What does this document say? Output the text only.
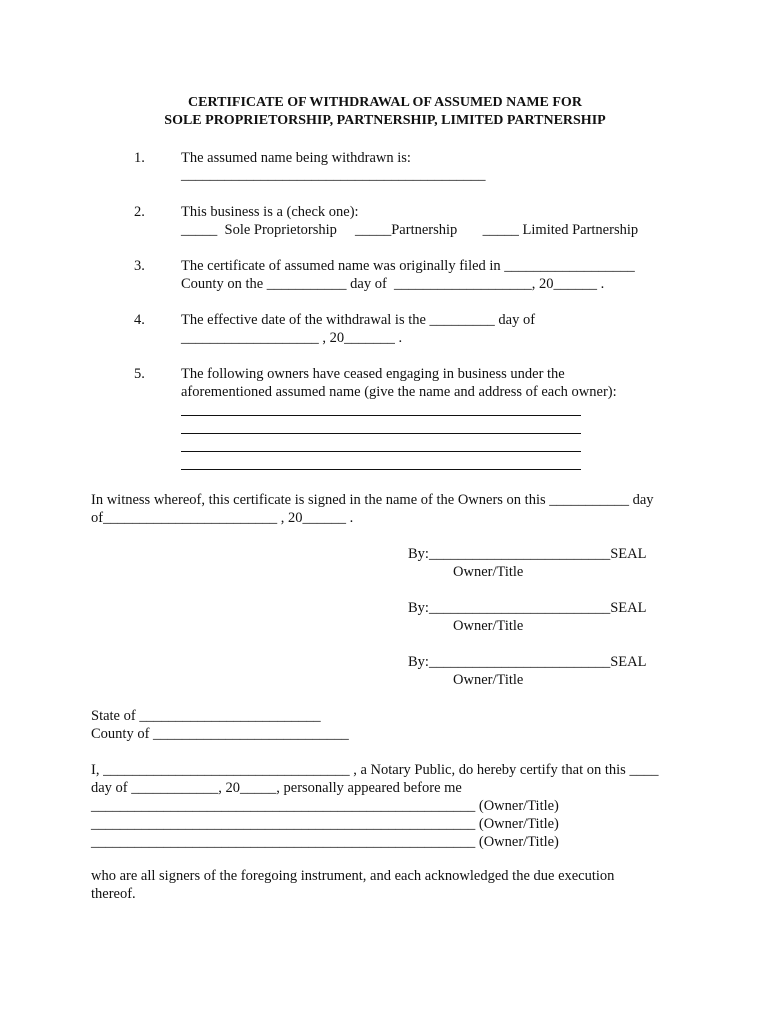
CERTIFICATE OF WITHDRAWAL OF ASSUMED NAME FOR
SOLE PROPRIETORSHIP, PARTNERSHIP, LIMITED PARTNERSHIP
1. The assumed name being withdrawn is:
__________________________________________
2. This business is a (check one):
_____  Sole Proprietorship     _____Partnership       _____ Limited Partnership
3. The certificate of assumed name was originally filed in __________________
County on the ___________ day of  ___________________, 20______ .
4. The effective date of the withdrawal is the _________ day of
___________________ , 20_______ .
5. The following owners have ceased engaging in business under the
aforementioned assumed name (give the name and address of each owner):
In witness whereof, this certificate is signed in the name of the Owners on this ___________ day
of________________________ , 20______ .
By:_________________________SEAL
Owner/Title
By:_________________________SEAL
Owner/Title
By:_________________________SEAL
Owner/Title
State of _________________________
County of ___________________________
I, __________________________________ , a Notary Public, do hereby certify that on this ____
day of ____________, 20_____, personally appeared before me
_____________________________________________________ (Owner/Title)
_____________________________________________________ (Owner/Title)
_____________________________________________________ (Owner/Title)
who are all signers of the foregoing instrument, and each acknowledged the due execution
thereof.
